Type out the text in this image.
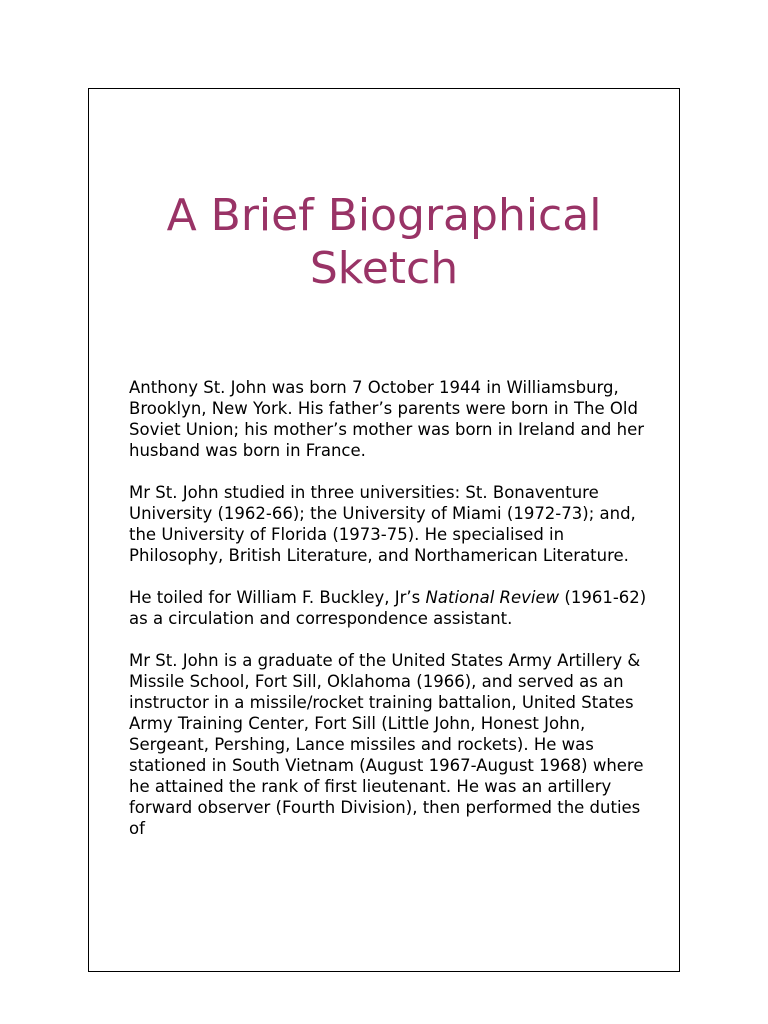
A Brief Biographical
Sketch

Anthony St. John was born 7 October 1944 in Williamsburg, Brooklyn, New York. His father’s parents were born in The Old Soviet Union; his mother’s mother was born in Ireland and her husband was born in France.

Mr St. John studied in three universities: St. Bonaventure University (1962-66); the University of Miami (1972-73); and, the University of Florida (1973-75). He specialised in Philosophy, British Literature, and Northamerican Literature.

He toiled for William F. Buckley, Jr’s National Review (1961-62) as a circulation and correspondence assistant.

Mr St. John is a graduate of the United States Army Artillery & Missile School, Fort Sill, Oklahoma (1966), and served as an instructor in a missile/rocket training battalion, United States Army Training Center, Fort Sill (Little John, Honest John, Sergeant, Pershing, Lance missiles and rockets). He was stationed in South Vietnam (August 1967-August 1968) where he attained the rank of first lieutenant. He was an artillery forward observer (Fourth Division), then performed the duties of
